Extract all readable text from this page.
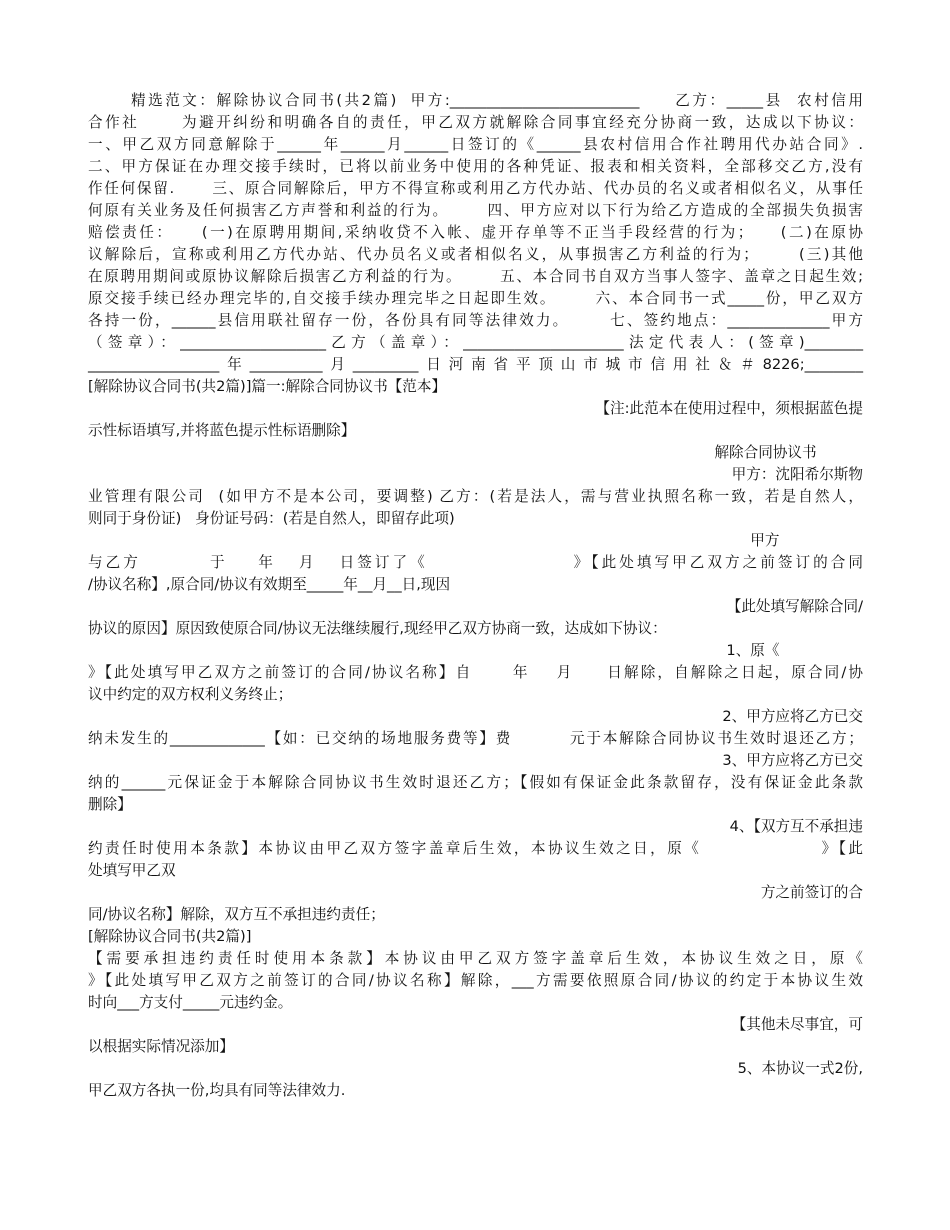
精选范文：解除协议合同书(共2篇)  甲方:__________________________     乙方：_____县  农村信用

合作社      为避开纠纷和明确各自的责任，甲乙双方就解除合同事宜经充分协商一致，达成以下协议：

一、甲乙双方同意解除于______年______月______日签订的《______县农村信用合作社聘用代办站合同》.

二、甲方保证在办理交接手续时，已将以前业务中使用的各种凭证、报表和相关资料，全部移交乙方,没有

作任何保留.      三、原合同解除后，甲方不得宣称或利用乙方代办站、代办员的名义或者相似名义，从事任

何原有关业务及任何损害乙方声誉和利益的行为。      四、甲方应对以下行为给乙方造成的全部损失负损害

赔偿责任：    (一)在原聘用期间,采纳收贷不入帐、虚开存单等不正当手段经营的行为；    (二)在原协

议解除后，宣称或利用乙方代办站、代办员名义或者相似名义，从事损害乙方利益的行为；      (三)其他

在原聘用期间或原协议解除后损害乙方利益的行为。      五、本合同书自双方当事人签字、盖章之日起生效;

原交接手续已经办理完毕的,自交接手续办理完毕之日起即生效。      六、本合同书一式_____份，甲乙双方

各持一份，______县信用联社留存一份，各份具有同等法律效力。      七、签约地点：______________甲方

（签章）：____________________乙方（盖章）：______________________法定代表人：(签章)________

__________________年__________月_________日河南省平顶山市城市信用社＆＃8226;________

[解除协议合同书(共2篇)]篇一:解除合同协议书【范本】

【注:此范本在使用过程中，须根据蓝色提

示性标语填写,并将蓝色提示性标语删除】

解除合同协议书

甲方：沈阳希尔斯物

业管理有限公司  (如甲方不是本公司，要调整) 乙方：(若是法人，需与营业执照名称一致，若是自然人，

则同于身份证)   身份证号码：(若是自然人，即留存此项)

甲方

与乙方         于    年   月   日签订了《                   》【此处填写甲乙双方之前签订的合同

/协议名称】,原合同/协议有效期至_____年__月__日,现因

【此处填写解除合同/

协议的原因】原因致使原合同/协议无法继续履行,现经甲乙双方协商一致，达成如下协议：

1、原《

》【此处填写甲乙双方之前签订的合同/协议名称】自      年    月     日解除，自解除之日起，原合同/协

议中约定的双方权利义务终止；

2、甲方应将乙方已交

纳未发生的_____________【如：已交纳的场地服务费等】费         元于本解除合同协议书生效时退还乙方；

3、甲方应将乙方已交

纳的______元保证金于本解除合同协议书生效时退还乙方；【假如有保证金此条款留存，没有保证金此条款

删除】

4、【双方互不承担违

约责任时使用本条款】本协议由甲乙双方签字盖章后生效，本协议生效之日，原《                 》【此

处填写甲乙双

方之前签订的合

同/协议名称】解除，双方互不承担违约责任；

[解除协议合同书(共2篇)]

【需要承担违约责任时使用本条款】本协议由甲乙双方签字盖章后生效，本协议生效之日，原《

》【此处填写甲乙双方之前签订的合同/协议名称】解除，___方需要依照原合同/协议的约定于本协议生效

时向___方支付_____元违约金。

【其他未尽事宜，可

以根据实际情况添加】

5、本协议一式2份,

甲乙双方各执一份,均具有同等法律效力.
